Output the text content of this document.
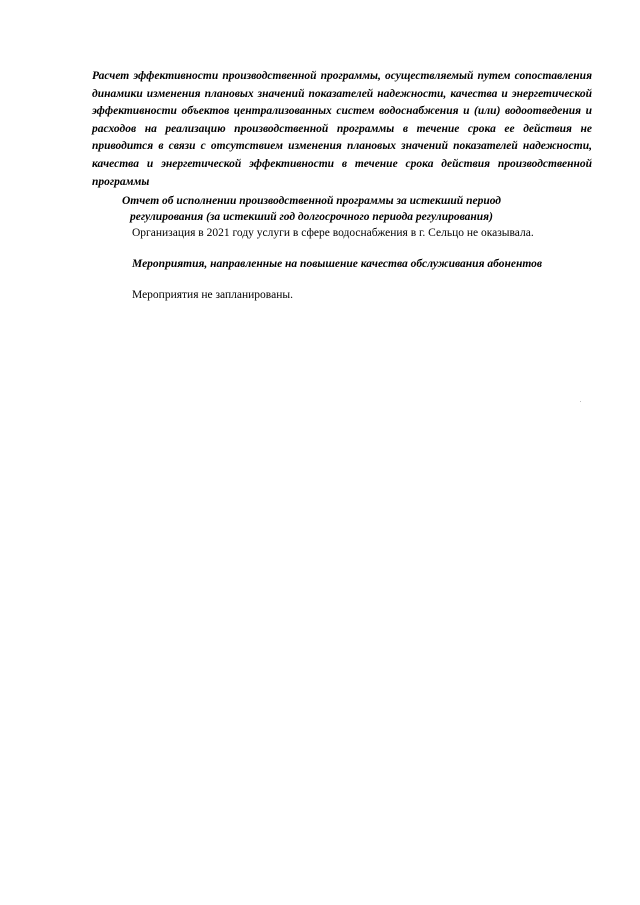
Расчет эффективности производственной программы, осуществляемый путем сопоставления динамики изменения плановых значений показателей надежности, качества и энергетической эффективности объектов централизованных систем водоснабжения и (или) водоотведения и расходов на реализацию производственной программы в течение срока ее действия не приводится в связи с отсутствием изменения плановых значений показателей надежности, качества и энергетической эффективности в течение срока действия производственной программы

Отчет об исполнении производственной программы за истекший период
регулирования (за истекший год долгосрочного периода регулирования)

Организация в 2021 году услуги в сфере водоснабжения в г. Сельцо не оказывала.

Мероприятия, направленные на повышение качества обслуживания абонентов

Мероприятия не запланированы.
